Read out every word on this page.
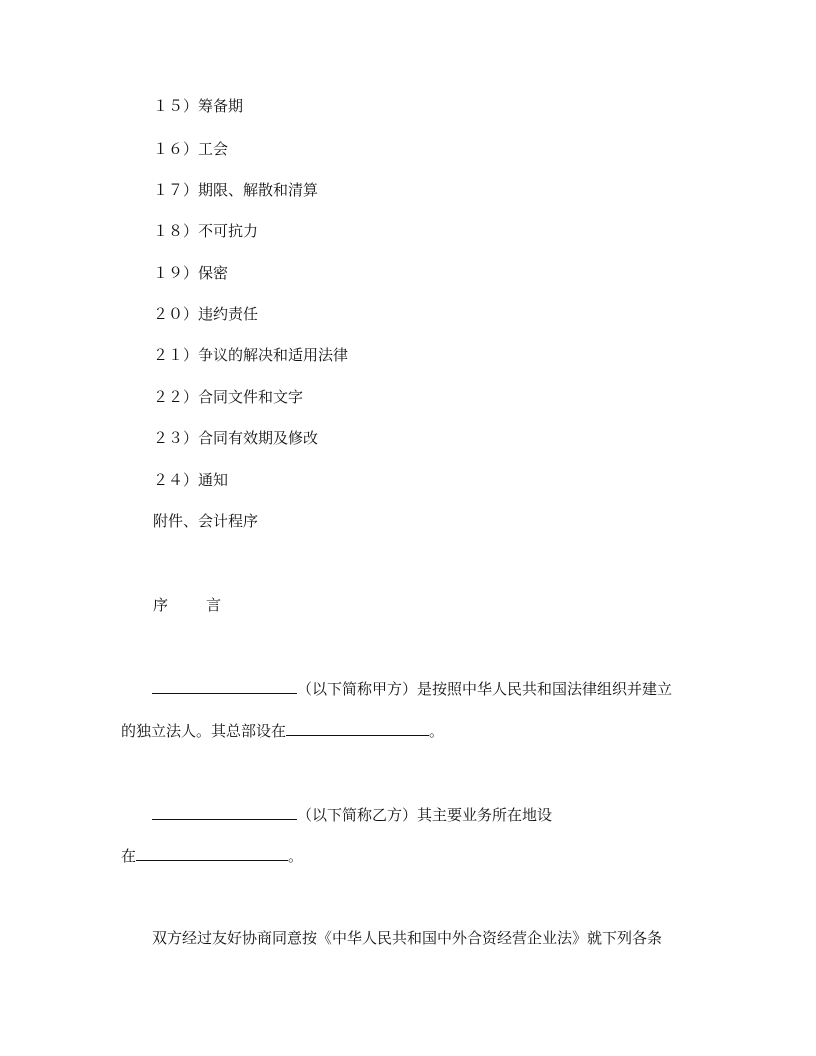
１５）筹备期
１６）工会
１７）期限、解散和清算
１８）不可抗力
１９）保密
２０）违约责任
２１）争议的解决和适用法律
２２）合同文件和文字
２３）合同有效期及修改
２４）通知
附件、会计程序
序	言
（以下简称甲方）是按照中华人民共和国法律组织并建立
的独立法人。其总部设在	。
（以下简称乙方）其主要业务所在地设
在	。
双方经过友好协商同意按《中华人民共和国中外合资经营企业法》就下列各条
